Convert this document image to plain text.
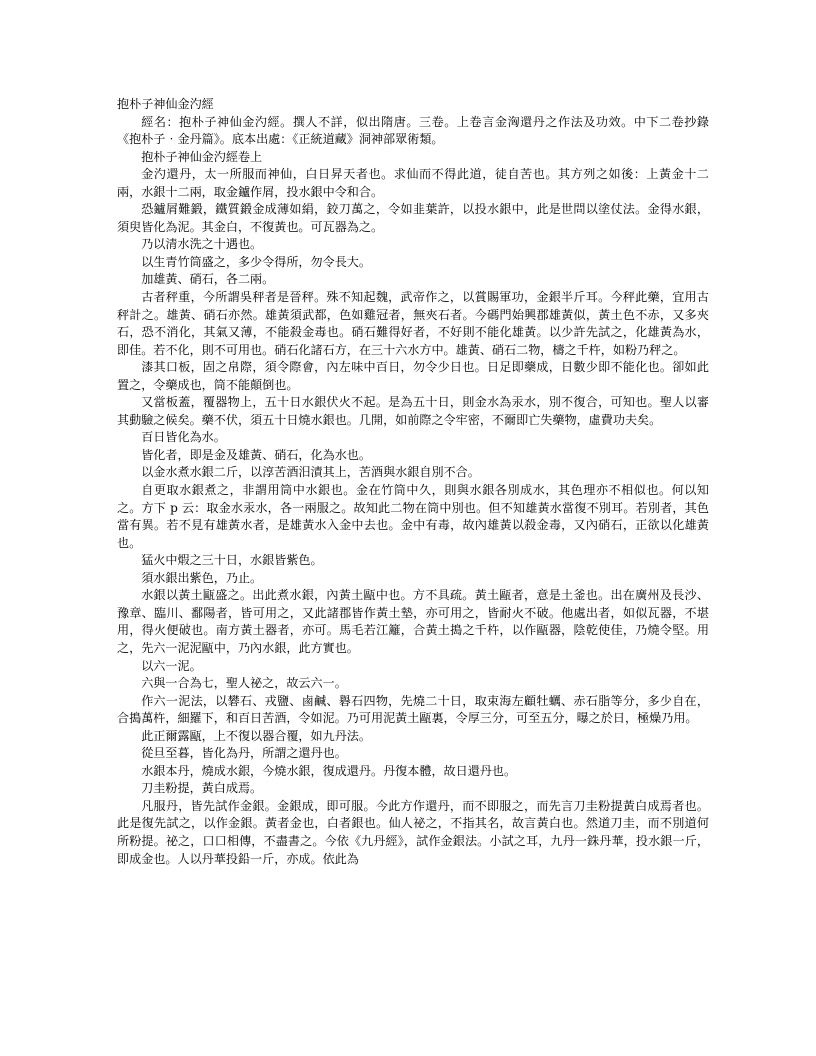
抱朴子神仙金汋經

經名：抱朴子神仙金汋經。撰人不詳，似出隋唐。三卷。上卷言金洶還丹之作法及功效。中下二卷抄錄《抱朴子‧金丹篇》。底本出處：《正統道藏》洞神部眾術類。

抱朴子神仙金汋經卷上

金汋還丹，太一所服而神仙，白日昇天者也。求仙而不得此道，徒自苦也。其方列之如後：上黃金十二兩，水銀十二兩，取金鑪作屑，投水銀中令和合。

恐鑪屑難鍛，鐵質鍛金成薄如絹，鉸刀萬之，令如韭葉許，以投水銀中，此是世問以塗仗法。金得水銀，須臾皆化為泥。其金白，不復黃也。可瓦器為之。

乃以清水洗之十遇也。

以生青竹筒盛之，多少令得所，勿令長大。

加雄黃、硝石，各二兩。

古者秤重，今所謂吳秤者是晉秤。殊不知起魏，武帝作之，以賞賜軍功，金銀半斤耳。今秤此藥，宜用古秤計之。雄黃、硝石亦然。雄黃須武都，色如雞冠者，無夾石者。今碼門始興郡雄黃似，黃土色不赤，又多夾石，恐不消化，其氣又薄，不能殺金毒也。硝石難得好者，不好則不能化雄黃。以少許先試之，化雄黃為水，即佳。若不化，則不可用也。硝石化諸石方，在三十六水方中。雄黃、硝石二物，檮之千杵，如粉乃秤之。

漆其口板，固之帛際，須令際會，內左味中百日，勿令少日也。日足即藥成，日數少即不能化也。卻如此置之，令藥成也，筒不能顛倒也。

又當板蓋，覆器物上，五十日水銀伏火不起。是為五十日，則金水為汞水，別不復合，可知也。聖人以審其動驗之候矣。藥不伏，須五十日燒水銀也。几開，如前際之令牢密，不爾即亡失藥物，虛費功夫矣。

百日皆化為水。

皆化者，即是金及雄黃、硝石，化為水也。

以金水煮水銀二斤，以淳苦酒汨漬其上，苦酒與水銀自別不合。

自更取水銀煮之，非謂用筒中水銀也。金在竹筒中久，則與水銀各別成水，其色理亦不相似也。何以知之。方下 p 云：取金水汞水，各一兩服之。故知此二物在筒中別也。但不知雄黃水當復不別耳。若別者，其色當有異。若不見有雄黃水者，是雄黃水入金中去也。金中有毒，故內雄黃以殺金毒，又內硝石，正欲以化雄黃也。

猛火中煆之三十日，水銀皆紫色。

須水銀出紫色，乃止。

水銀以黃土甌盛之。出此煮水銀，內黃土甌中也。方不具疏。黃土甌者，意是土釜也。出在廣州及長沙、豫章、臨川、鄱陽者，皆可用之，又此諸郡皆作黃土墊，亦可用之，皆耐火不破。他處出者，如似瓦器，不堪用，得火便破也。南方黃土器者，亦可。馬毛若江籬，合黃土搗之千杵，以作甌器，陰乾使佳，乃燒令堅。用之，先六一泥泥甌中，乃內水銀，此方實也。

以六一泥。

六與一合為七，聖人祕之，故云六一。

作六一泥法，以礬石、戎鹽、鹵鹹、礜石四物，先燒二十日，取束海左顧牡蠣、赤石脂等分，多少自在，合搗萬杵，細羅下，和百日苦酒，令如泥。乃可用泥黃土甌裏，令厚三分，可至五分，曝之於日，極燥乃用。

此正爾露甌，上不復以器合覆，如九丹法。

從旦至暮，皆化為丹，所謂之還丹也。

水銀本丹，燒成水銀，今燒水銀，復成還丹。丹復本體，故日還丹也。

刀圭粉提，黃白成焉。

凡服丹，皆先試作金銀。金銀成，即可服。今此方作還丹，而不即服之，而先言刀圭粉提黃白成焉者也。此是復先試之，以作金銀。黃者金也，白者銀也。仙人祕之，不指其名，故言黃白也。然道刀圭，而不別道何所粉提。祕之，口口相傳，不盡書之。今依《九丹經》，試作金銀法。小試之耳，九丹一銖丹華，投水銀一斤，即成金也。人以丹華投鉛一斤，亦成。依此為
